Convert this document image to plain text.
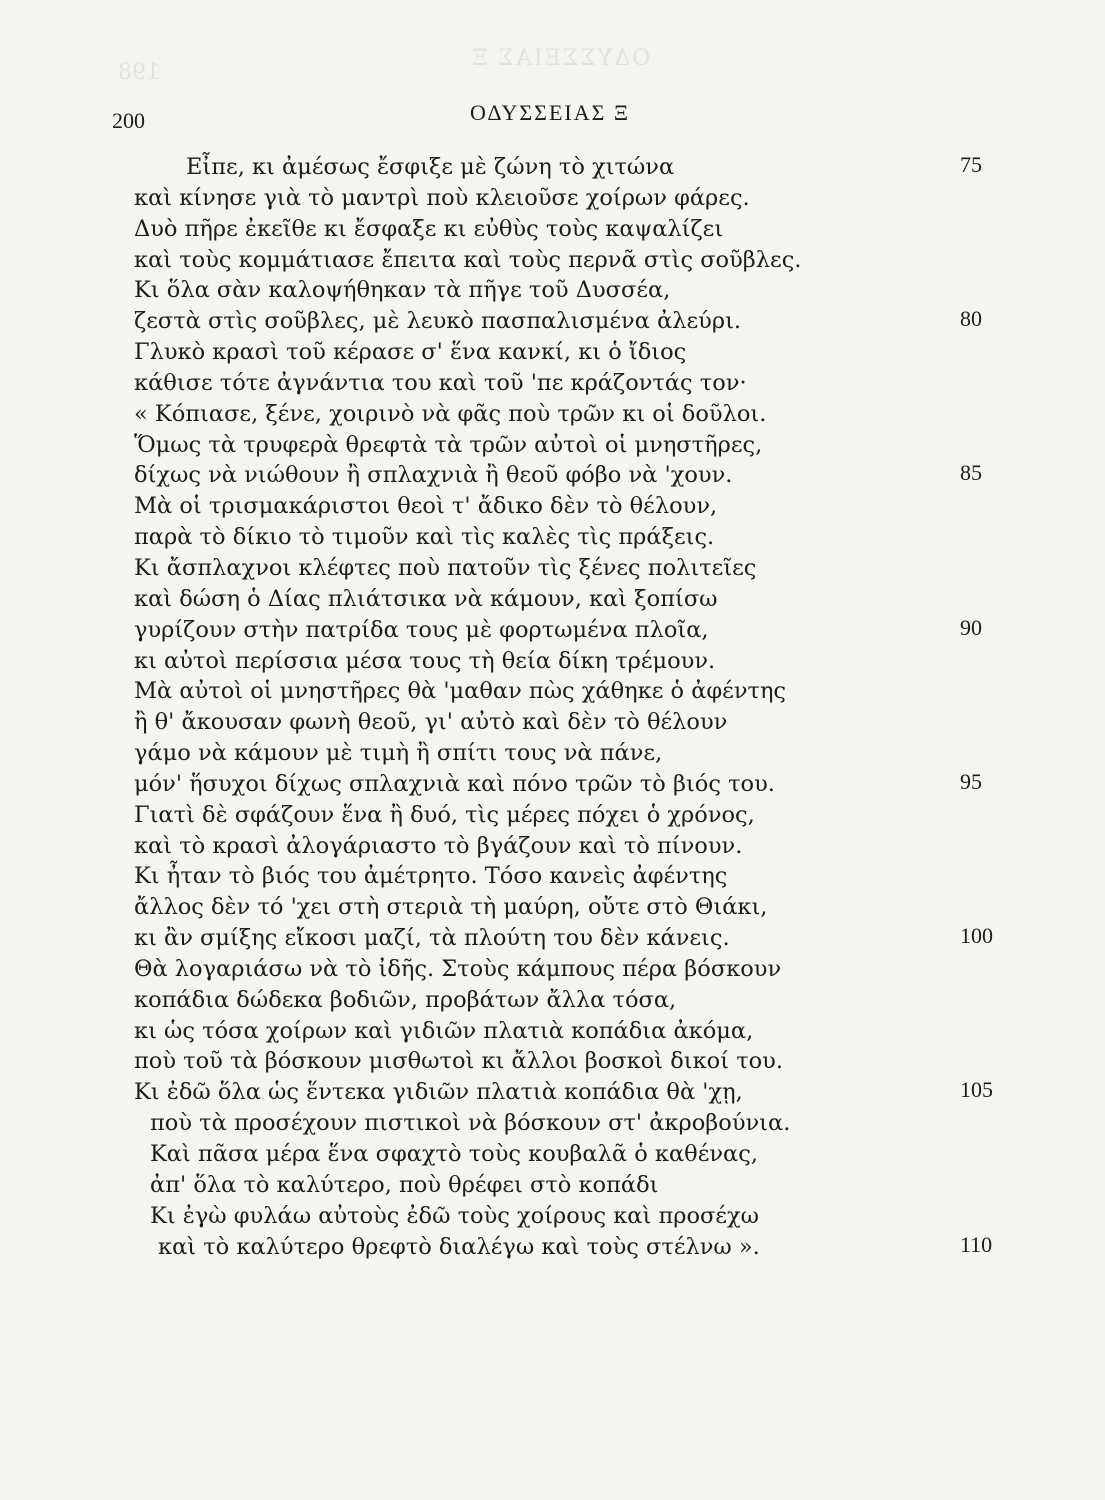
ΟΔΥΣΣΕΙΑΣ Ξ
198
200	ΟΔΥΣΣΕΙΑΣ Ξ
Εἶπε, κι ἀμέσως ἔσφιξε μὲ ζώνη τὸ χιτώνα	75
καὶ κίνησε γιὰ τὸ μαντρὶ ποὺ κλειοῦσε χοίρων φάρες.
Δυὸ πῆρε ἐκεῖθε κι ἔσφαξε κι εὐθὺς τοὺς καψαλίζει
καὶ τοὺς κομμάτιασε ἔπειτα καὶ τοὺς περνᾶ στὶς σοῦβλες.
Κι ὅλα σὰν καλοψήθηκαν τὰ πῆγε τοῦ Δυσσέα,
ζεστὰ στὶς σοῦβλες, μὲ λευκὸ πασπαλισμένα ἀλεύρι.	80
Γλυκὸ κρασὶ τοῦ κέρασε σ' ἕνα κανκί, κι ὁ ἴδιος
κάθισε τότε ἀγνάντια του καὶ τοῦ 'πε κράζοντάς τον·
« Κόπιασε, ξένε, χοιρινὸ νὰ φᾶς ποὺ τρῶν κι οἱ δοῦλοι.
Ὅμως τὰ τρυφερὰ θρεφτὰ τὰ τρῶν αὐτοὶ οἱ μνηστῆρες,
δίχως νὰ νιώθουν ἢ σπλαχνιὰ ἢ θεοῦ φόβο νὰ 'χουν.	85
Μὰ οἱ τρισμακάριστοι θεοὶ τ' ἄδικο δὲν τὸ θέλουν,
παρὰ τὸ δίκιο τὸ τιμοῦν καὶ τὶς καλὲς τὶς πράξεις.
Κι ἄσπλαχνοι κλέφτες ποὺ πατοῦν τὶς ξένες πολιτεῖες
καὶ δώση ὁ Δίας πλιάτσικα νὰ κάμουν, καὶ ξοπίσω
γυρίζουν στὴν πατρίδα τους μὲ φορτωμένα πλοῖα,	90
κι αὐτοὶ περίσσια μέσα τους τὴ θεία δίκη τρέμουν.
Μὰ αὐτοὶ οἱ μνηστῆρες θὰ 'μαθαν πὼς χάθηκε ὁ ἀφέντης
ἢ θ' ἄκουσαν φωνὴ θεοῦ, γι' αὐτὸ καὶ δὲν τὸ θέλουν
γάμο νὰ κάμουν μὲ τιμὴ ἢ σπίτι τους νὰ πάνε,
μόν' ἥσυχοι δίχως σπλαχνιὰ καὶ πόνο τρῶν τὸ βιός του.	95
Γιατὶ δὲ σφάζουν ἕνα ἢ δυό, τὶς μέρες πόχει ὁ χρόνος,
καὶ τὸ κρασὶ ἀλογάριαστο τὸ βγάζουν καὶ τὸ πίνουν.
Κι ἦταν τὸ βιός του ἀμέτρητο. Τόσο κανεὶς ἀφέντης
ἄλλος δὲν τό 'χει στὴ στεριὰ τὴ μαύρη, οὔτε στὸ Θιάκι,
κι ἂν σμίξης εἴκοσι μαζί, τὰ πλούτη του δὲν κάνεις.	100
Θὰ λογαριάσω νὰ τὸ ἰδῆς. Στοὺς κάμπους πέρα βόσκουν
κοπάδια δώδεκα βοδιῶν, προβάτων ἄλλα τόσα,
κι ὡς τόσα χοίρων καὶ γιδιῶν πλατιὰ κοπάδια ἀκόμα,
ποὺ τοῦ τὰ βόσκουν μισθωτοὶ κι ἄλλοι βοσκοὶ δικοί του.
Κι ἐδῶ ὅλα ὡς ἕντεκα γιδιῶν πλατιὰ κοπάδια θὰ 'χῃ,	105
ποὺ τὰ προσέχουν πιστικοὶ νὰ βόσκουν στ' ἀκροβούνια.
Καὶ πᾶσα μέρα ἕνα σφαχτὸ τοὺς κουβαλᾶ ὁ καθένας,
ἀπ' ὅλα τὸ καλύτερο, ποὺ θρέφει στὸ κοπάδι
Κι ἐγὼ φυλάω αὐτοὺς ἐδῶ τοὺς χοίρους καὶ προσέχω
καὶ τὸ καλύτερο θρεφτὸ διαλέγω καὶ τοὺς στέλνω ».	110
